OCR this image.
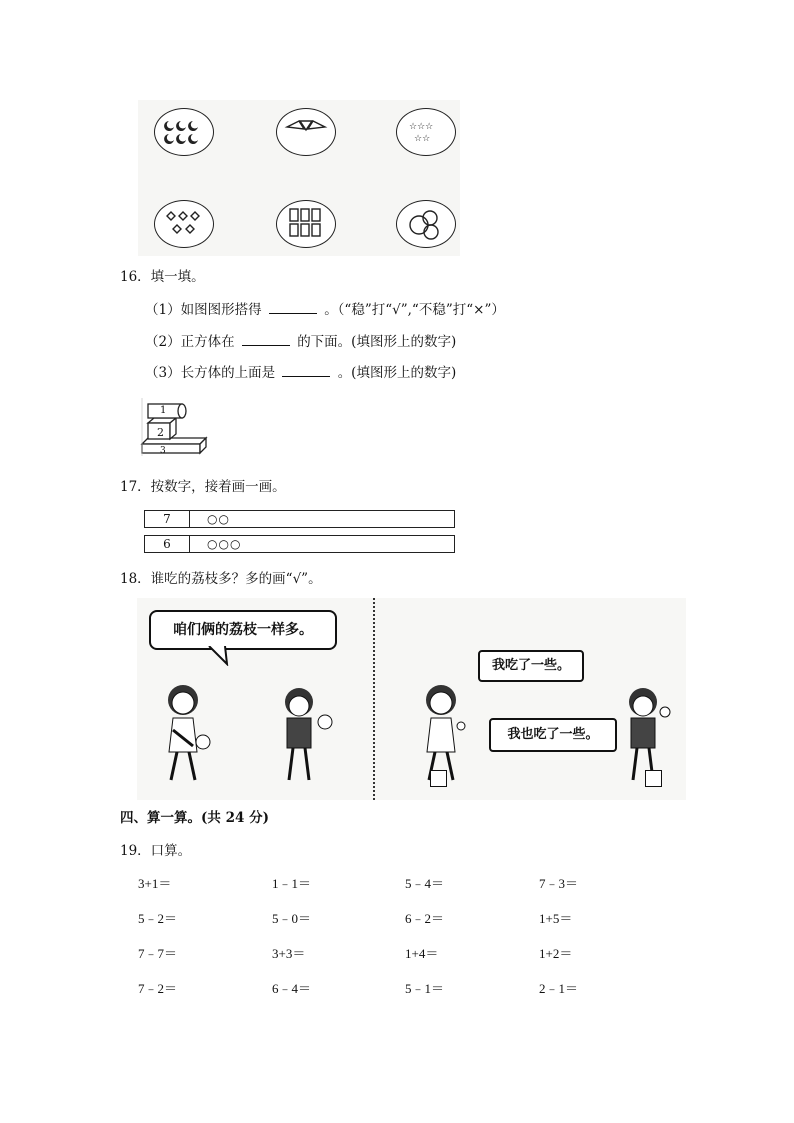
☆☆☆
☆☆
16．填一填。
（1）如图图形搭得	。（“稳”打“√”,“不稳”打“×”）
（2）正方体在	的下面。(填图形上的数字)
（3）长方体的上面是	。(填图形上的数字)
1
2
3
17．按数字，接着画一画。
7	○○
6	○○○
18．谁吃的荔枝多？多的画“√”。
咱们俩的荔枝一样多。
我吃了一些。
我也吃了一些。
四、算一算。(共 24 分)
19．口算。
3+1＝	1﹣1＝	5﹣4＝	7﹣3＝
5﹣2＝	5﹣0＝	6﹣2＝	1+5＝
7﹣7＝	3+3＝	1+4＝	1+2＝
7﹣2＝	6﹣4＝	5﹣1＝	2﹣1＝
